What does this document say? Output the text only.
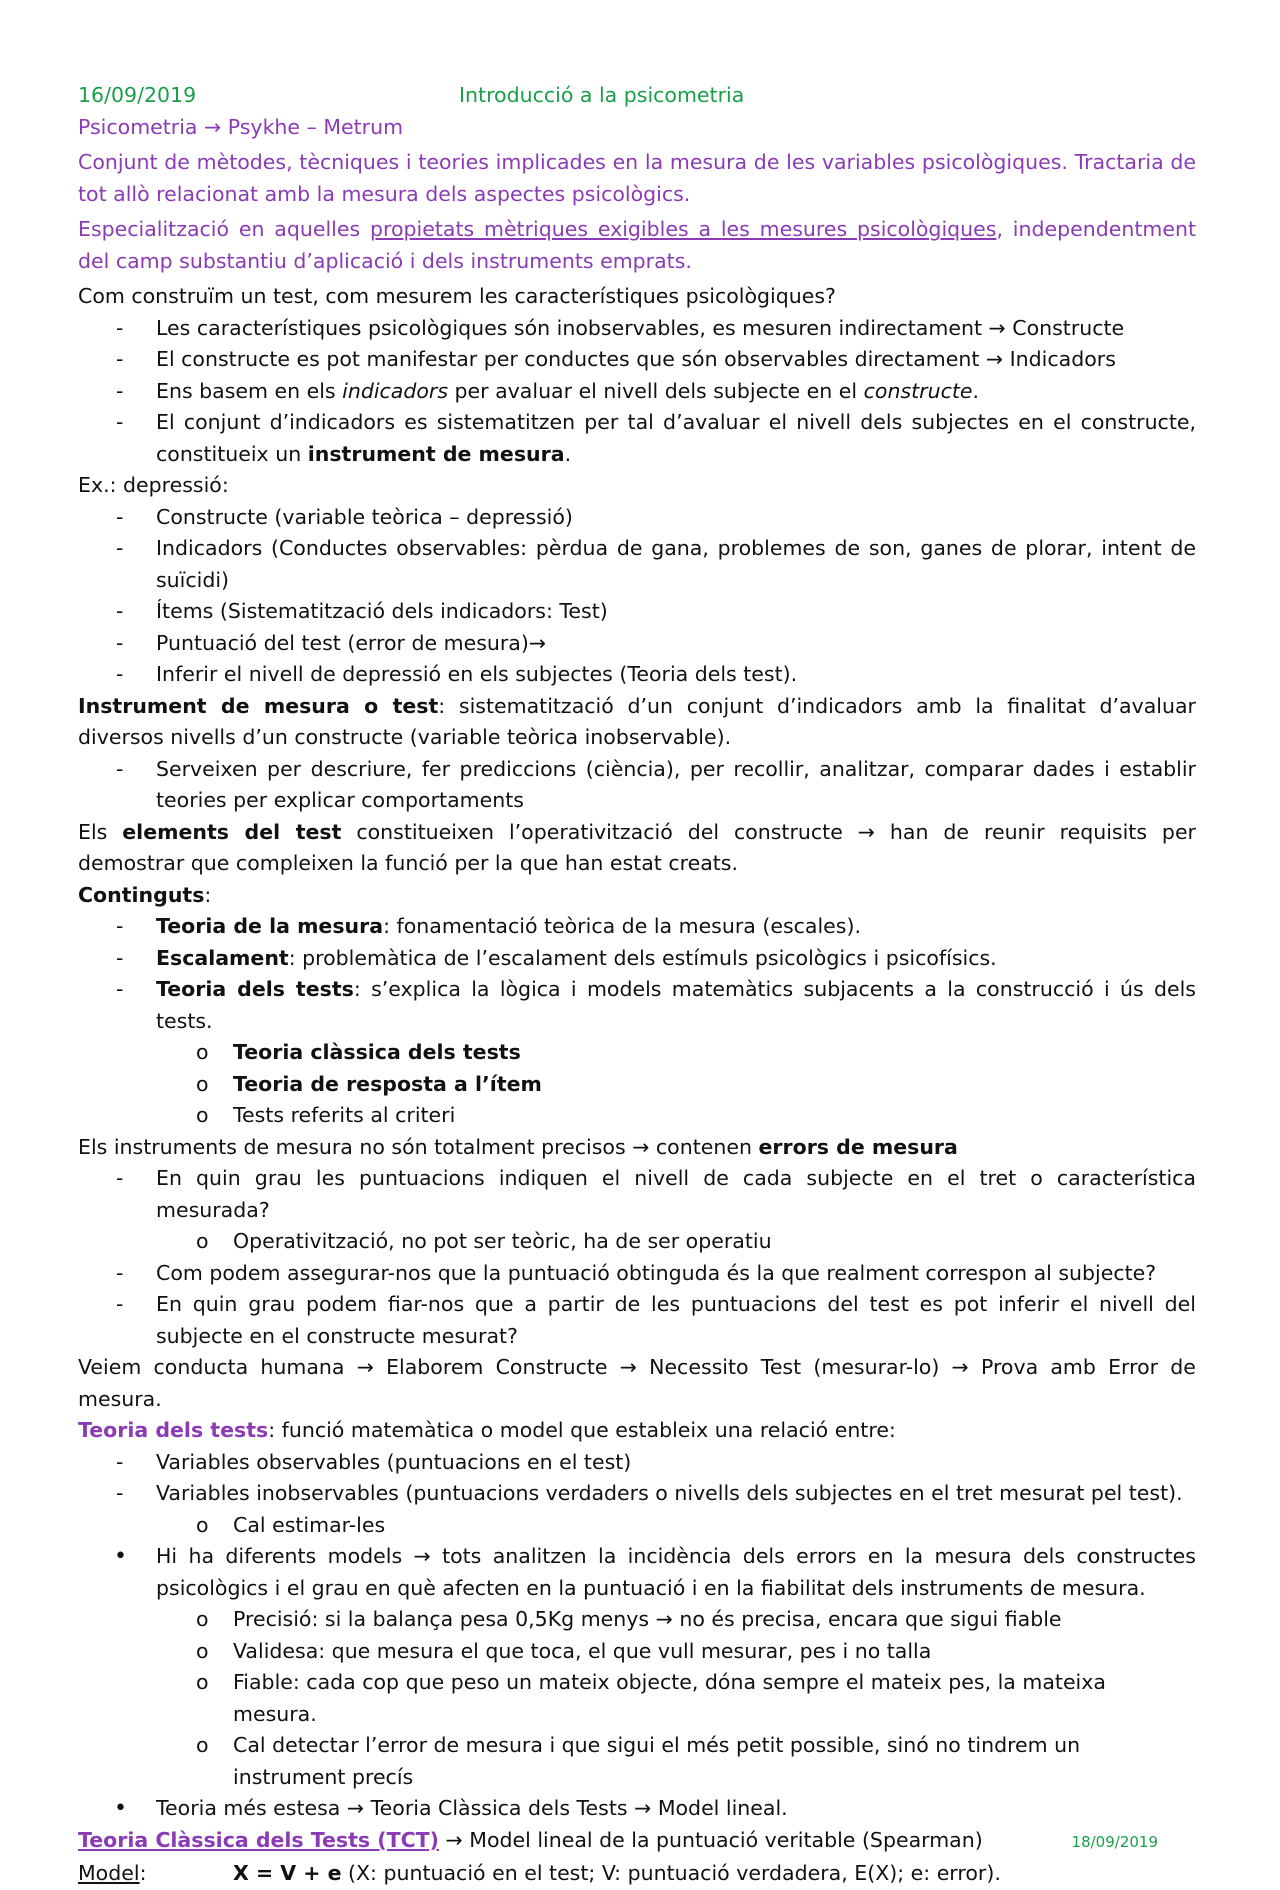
16/09/2019	Introducció a la psicometria

Psicometria → Psykhe – Metrum

Conjunt de mètodes, tècniques i teories implicades en la mesura de les variables psicològiques. Tractaria de tot allò relacionat amb la mesura dels aspectes psicològics.

Especialització en aquelles propietats mètriques exigibles a les mesures psicològiques, independentment del camp substantiu d’aplicació i dels instruments emprats.

Com construïm un test, com mesurem les característiques psicològiques?

- Les característiques psicològiques són inobservables, es mesuren indirectament → Constructe
- El constructe es pot manifestar per conductes que són observables directament → Indicadors
- Ens basem en els indicadors per avaluar el nivell dels subjecte en el constructe.
- El conjunt d’indicadors es sistematitzen per tal d’avaluar el nivell dels subjectes en el constructe, constitueix un instrument de mesura.

Ex.: depressió:

- Constructe (variable teòrica – depressió)
- Indicadors (Conductes observables: pèrdua de gana, problemes de son, ganes de plorar, intent de suïcidi)
- Ítems (Sistematització dels indicadors: Test)
- Puntuació del test (error de mesura)→
- Inferir el nivell de depressió en els subjectes (Teoria dels test).

Instrument de mesura o test: sistematització d’un conjunt d’indicadors amb la finalitat d’avaluar diversos nivells d’un constructe (variable teòrica inobservable).

- Serveixen per descriure, fer prediccions (ciència), per recollir, analitzar, comparar dades i establir teories per explicar comportaments

Els elements del test constitueixen l’operativització del constructe → han de reunir requisits per demostrar que compleixen la funció per la que han estat creats.

Continguts:

- Teoria de la mesura: fonamentació teòrica de la mesura (escales).
- Escalament: problemàtica de l’escalament dels estímuls psicològics i psicofísics.
- Teoria dels tests: s’explica la lògica i models matemàtics subjacents a la construcció i ús dels tests.
o Teoria clàssica dels tests
o Teoria de resposta a l’ítem
o Tests referits al criteri

Els instruments de mesura no són totalment precisos → contenen errors de mesura

- En quin grau les puntuacions indiquen el nivell de cada subjecte en el tret o característica mesurada?
o Operativització, no pot ser teòric, ha de ser operatiu
- Com podem assegurar-nos que la puntuació obtinguda és la que realment correspon al subjecte?
- En quin grau podem fiar-nos que a partir de les puntuacions del test es pot inferir el nivell del subjecte en el constructe mesurat?

Veiem conducta humana → Elaborem Constructe → Necessito Test (mesurar-lo) → Prova amb Error de mesura.

Teoria dels tests: funció matemàtica o model que estableix una relació entre:

- Variables observables (puntuacions en el test)
- Variables inobservables (puntuacions verdaders o nivells dels subjectes en el tret mesurat pel test).
o Cal estimar-les
• Hi ha diferents models → tots analitzen la incidència dels errors en la mesura dels constructes psicològics i el grau en què afecten en la puntuació i en la fiabilitat dels instruments de mesura.
o Precisió: si la balança pesa 0,5Kg menys → no és precisa, encara que sigui fiable
o Validesa: que mesura el que toca, el que vull mesurar, pes i no talla
o Fiable: cada cop que peso un mateix objecte, dóna sempre el mateix pes, la mateixa mesura.
o Cal detectar l’error de mesura i que sigui el més petit possible, sinó no tindrem un instrument precís
• Teoria més estesa → Teoria Clàssica dels Tests → Model lineal.
Teoria Clàssica dels Tests (TCT) → Model lineal de la puntuació veritable (Spearman)	18/09/2019
Model:	X = V + e (X: puntuació en el test; V: puntuació verdadera, E(X); e: error).
